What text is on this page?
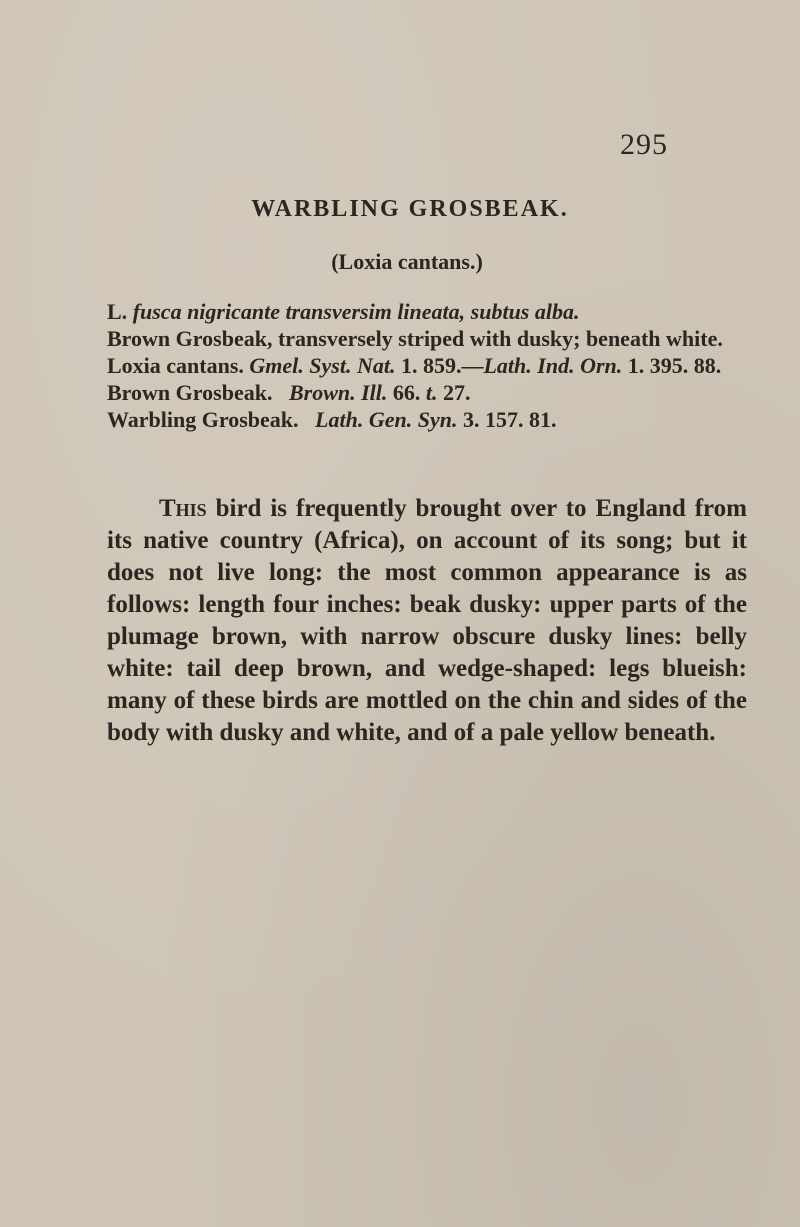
295
WARBLING GROSBEAK.
(Loxia cantans.)

L. fusca nigricante transversim lineata, subtus alba.

Brown Grosbeak, transversely striped with dusky; beneath white.

Loxia cantans. Gmel. Syst. Nat. 1. 859.—Lath. Ind. Orn. 1. 395. 88.

Brown Grosbeak. Brown. Ill. 66. t. 27.

Warbling Grosbeak. Lath. Gen. Syn. 3. 157. 81.

This bird is frequently brought over to England from its native country (Africa), on account of its song; but it does not live long: the most common appearance is as follows: length four inches: beak dusky: upper parts of the plumage brown, with narrow obscure dusky lines: belly white: tail deep brown, and wedge-shaped: legs blueish: many of these birds are mottled on the chin and sides of the body with dusky and white, and of a pale yellow beneath.
